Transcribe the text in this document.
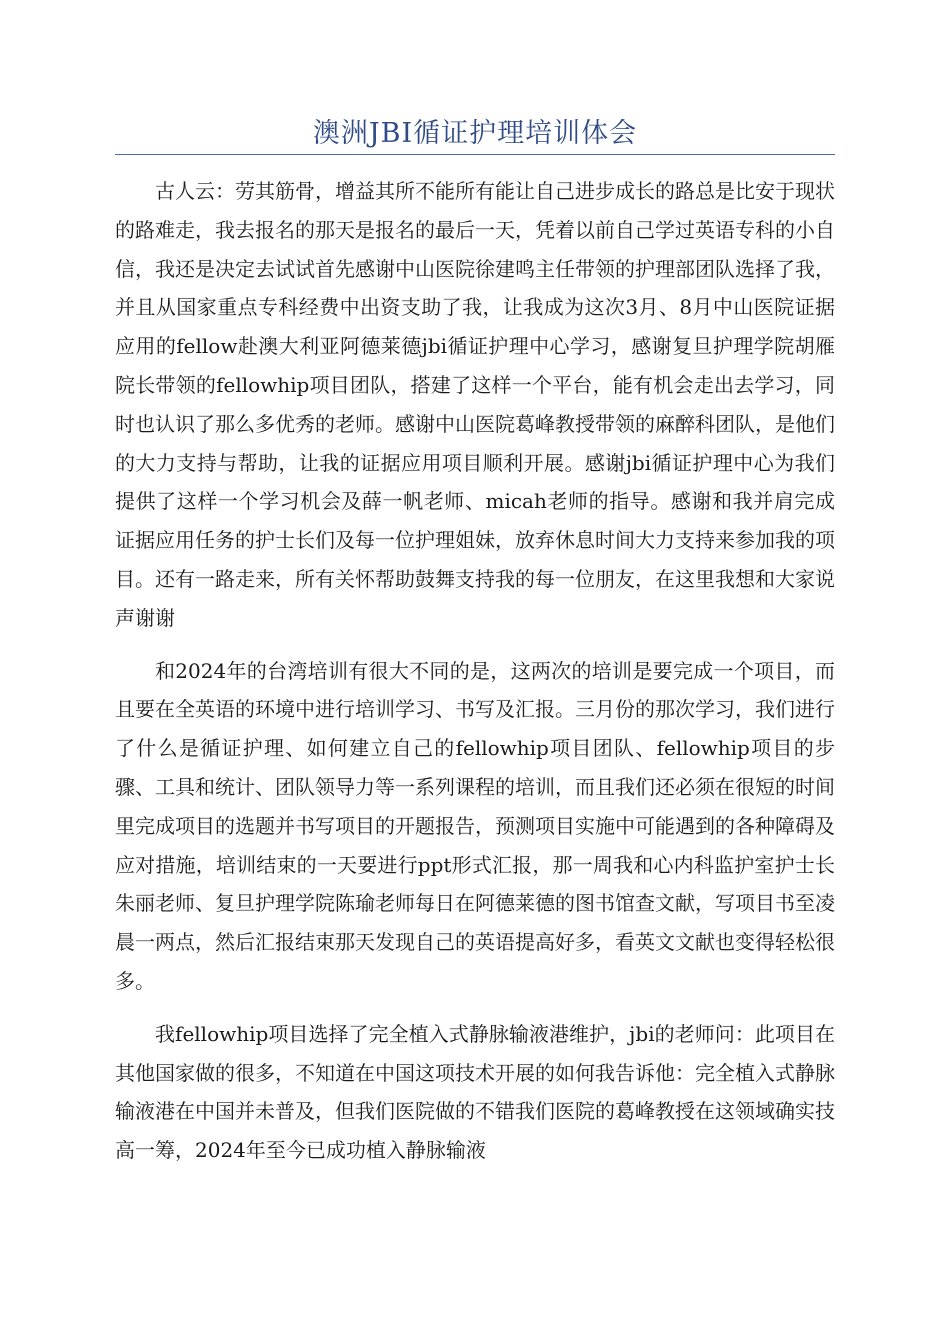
澳洲JBI循证护理培训体会

古人云：劳其筋骨，增益其所不能所有能让自己进步成长的路总是比安于现状的路难走，我去报名的那天是报名的最后一天，凭着以前自己学过英语专科的小自信，我还是决定去试试首先感谢中山医院徐建鸣主任带领的护理部团队选择了我，并且从国家重点专科经费中出资支助了我，让我成为这次3月、8月中山医院证据应用的fellow赴澳大利亚阿德莱德jbi循证护理中心学习，感谢复旦护理学院胡雁院长带领的fellowhip项目团队，搭建了这样一个平台，能有机会走出去学习，同时也认识了那么多优秀的老师。感谢中山医院葛峰教授带领的麻醉科团队，是他们的大力支持与帮助，让我的证据应用项目顺利开展。感谢jbi循证护理中心为我们提供了这样一个学习机会及薛一帆老师、micah老师的指导。感谢和我并肩完成证据应用任务的护士长们及每一位护理姐妹，放弃休息时间大力支持来参加我的项目。还有一路走来，所有关怀帮助鼓舞支持我的每一位朋友，在这里我想和大家说声谢谢

和2024年的台湾培训有很大不同的是，这两次的培训是要完成一个项目，而且要在全英语的环境中进行培训学习、书写及汇报。三月份的那次学习，我们进行了什么是循证护理、如何建立自己的fellowhip项目团队、fellowhip项目的步骤、工具和统计、团队领导力等一系列课程的培训，而且我们还必须在很短的时间里完成项目的选题并书写项目的开题报告，预测项目实施中可能遇到的各种障碍及应对措施，培训结束的一天要进行ppt形式汇报，那一周我和心内科监护室护士长朱丽老师、复旦护理学院陈瑜老师每日在阿德莱德的图书馆查文献，写项目书至凌晨一两点，然后汇报结束那天发现自己的英语提高好多，看英文文献也变得轻松很多。

我fellowhip项目选择了完全植入式静脉输液港维护，jbi的老师问：此项目在其他国家做的很多，不知道在中国这项技术开展的如何我告诉他：完全植入式静脉输液港在中国并未普及，但我们医院做的不错我们医院的葛峰教授在这领域确实技高一筹，2024年至今已成功植入静脉输液
